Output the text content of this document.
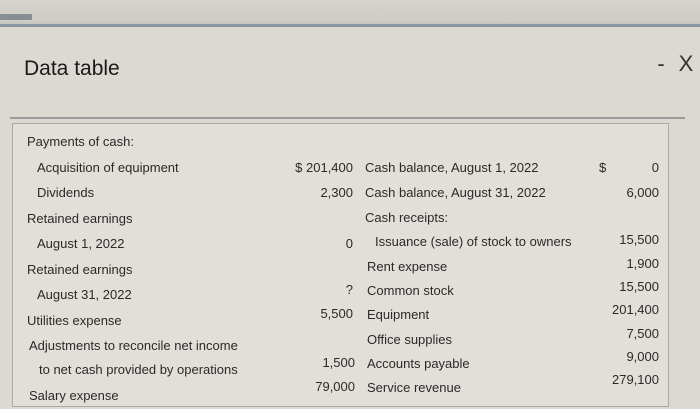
Data table	- X
Payments of cash:
Acquisition of equipment
Dividends
Retained earnings
August 1, 2022
Retained earnings
August 31, 2022
Utilities expense
Adjustments to reconcile net income
to net cash provided by operations
Salary expense
$ 201,400
2,300
0
?
5,500
1,500
79,000
Cash balance, August 1, 2022
Cash balance, August 31, 2022
Cash receipts:
Issuance (sale) of stock to owners
Rent expense
Common stock
Equipment
Office supplies
Accounts payable
Service revenue
$	0
6,000
15,500
1,900
15,500
201,400
7,500
9,000
279,100
